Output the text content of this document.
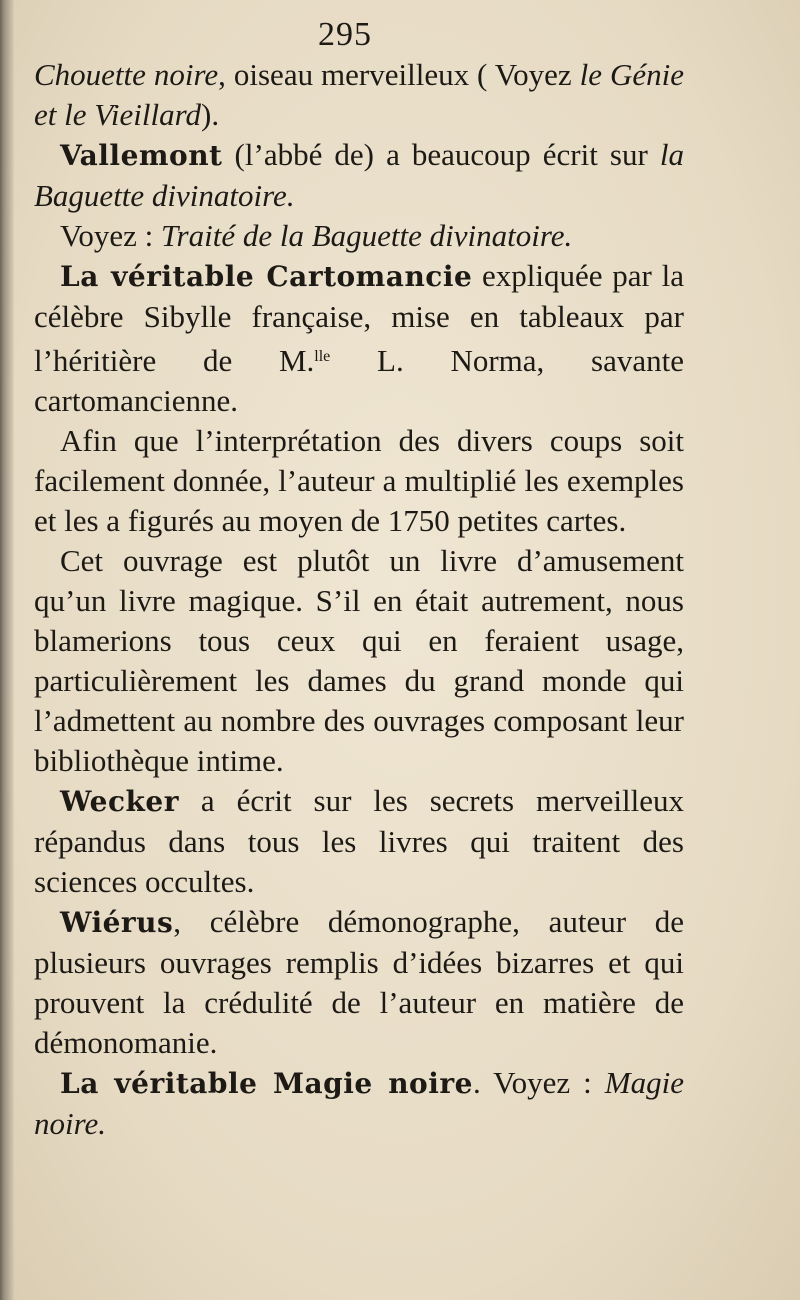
295

Chouette noire, oiseau merveilleux ( Voyez le Génie et le Vieillard).

Vallemont (l’abbé de) a beaucoup écrit sur la Baguette divinatoire.

Voyez : Traité de la Baguette divinatoire.

La véritable Cartomancie expliquée par la célèbre Sibylle française, mise en tableaux par l’héritière de M.$^{lle}$ L. Norma, savante cartomancienne.

Afin que l’interprétation des divers coups soit facilement donnée, l’auteur a multiplié les exemples et les a figurés au moyen de 1750 petites cartes.

Cet ouvrage est plutôt un livre d’amusement qu’un livre magique. S’il en était autrement, nous blamerions tous ceux qui en feraient usage, particulièrement les dames du grand monde qui l’admettent au nombre des ouvrages composant leur bibliothèque intime.

Wecker a écrit sur les secrets merveilleux répandus dans tous les livres qui traitent des sciences occultes.

Wiérus, célèbre démonographe, auteur de plusieurs ouvrages remplis d’idées bizarres et qui prouvent la crédulité de l’auteur en matière de démonomanie.

La véritable Magie noire. Voyez : Magie noire.
